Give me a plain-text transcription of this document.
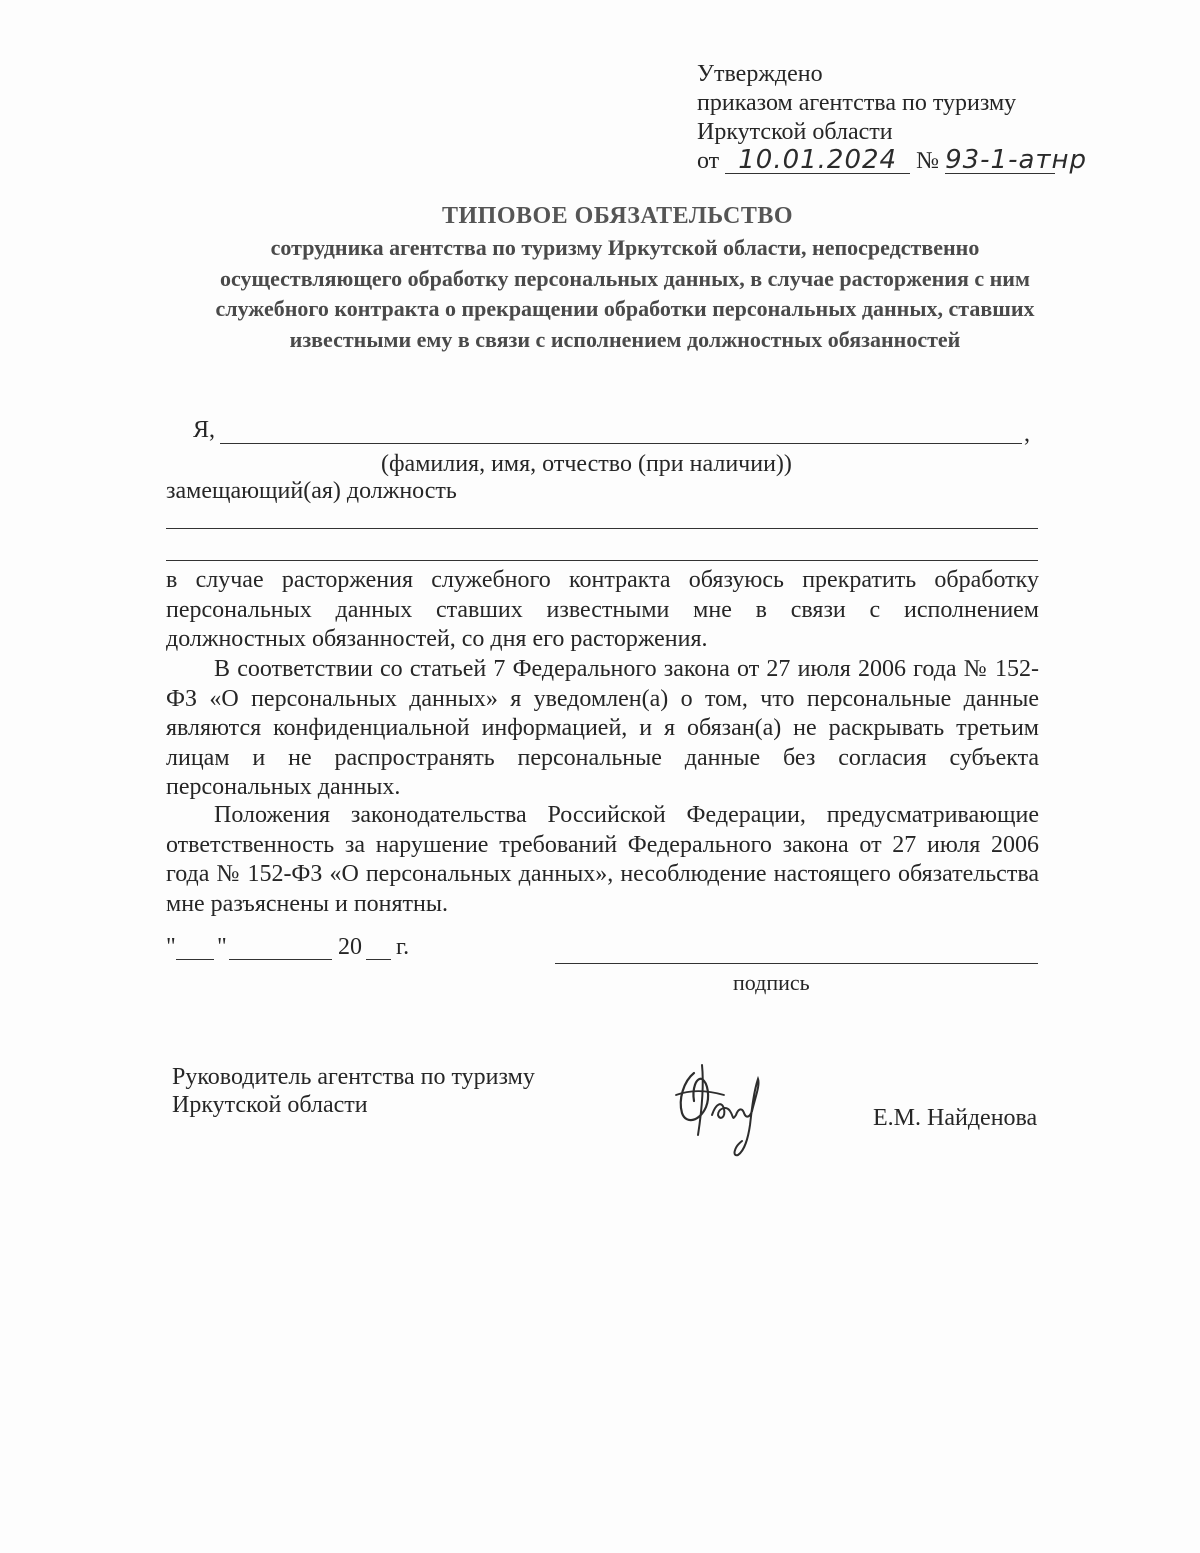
Утверждено
приказом агентства по туризму
Иркутской области
от 10.01.2024 № 93-1-атнр
ТИПОВОЕ ОБЯЗАТЕЛЬСТВО
сотрудника агентства по туризму Иркутской области, непосредственно осуществляющего обработку персональных данных, в случае расторжения с ним служебного контракта о прекращении обработки персональных данных, ставших известными ему в связи с исполнением должностных обязанностей
Я,	,
(фамилия, имя, отчество (при наличии))
замещающий(ая) должность
в случае расторжения служебного контракта обязуюсь прекратить обработку персональных данных ставших известными мне в связи с исполнением должностных обязанностей, со дня его расторжения.
В соответствии со статьей 7 Федерального закона от 27 июля 2006 года № 152-ФЗ «О персональных данных» я уведомлен(а) о том, что персональные данные являются конфиденциальной информацией, и я обязан(а) не раскрывать третьим лицам и не распространять персональные данные без согласия субъекта персональных данных.
Положения законодательства Российской Федерации, предусматривающие ответственность за нарушение требований Федерального закона от 27 июля 2006 года № 152-ФЗ «О персональных данных», несоблюдение настоящего обязательства мне разъяснены и понятны.
" "	20 г.
подпись
Руководитель агентства по туризму
Иркутской области	Е.М. Найденова
